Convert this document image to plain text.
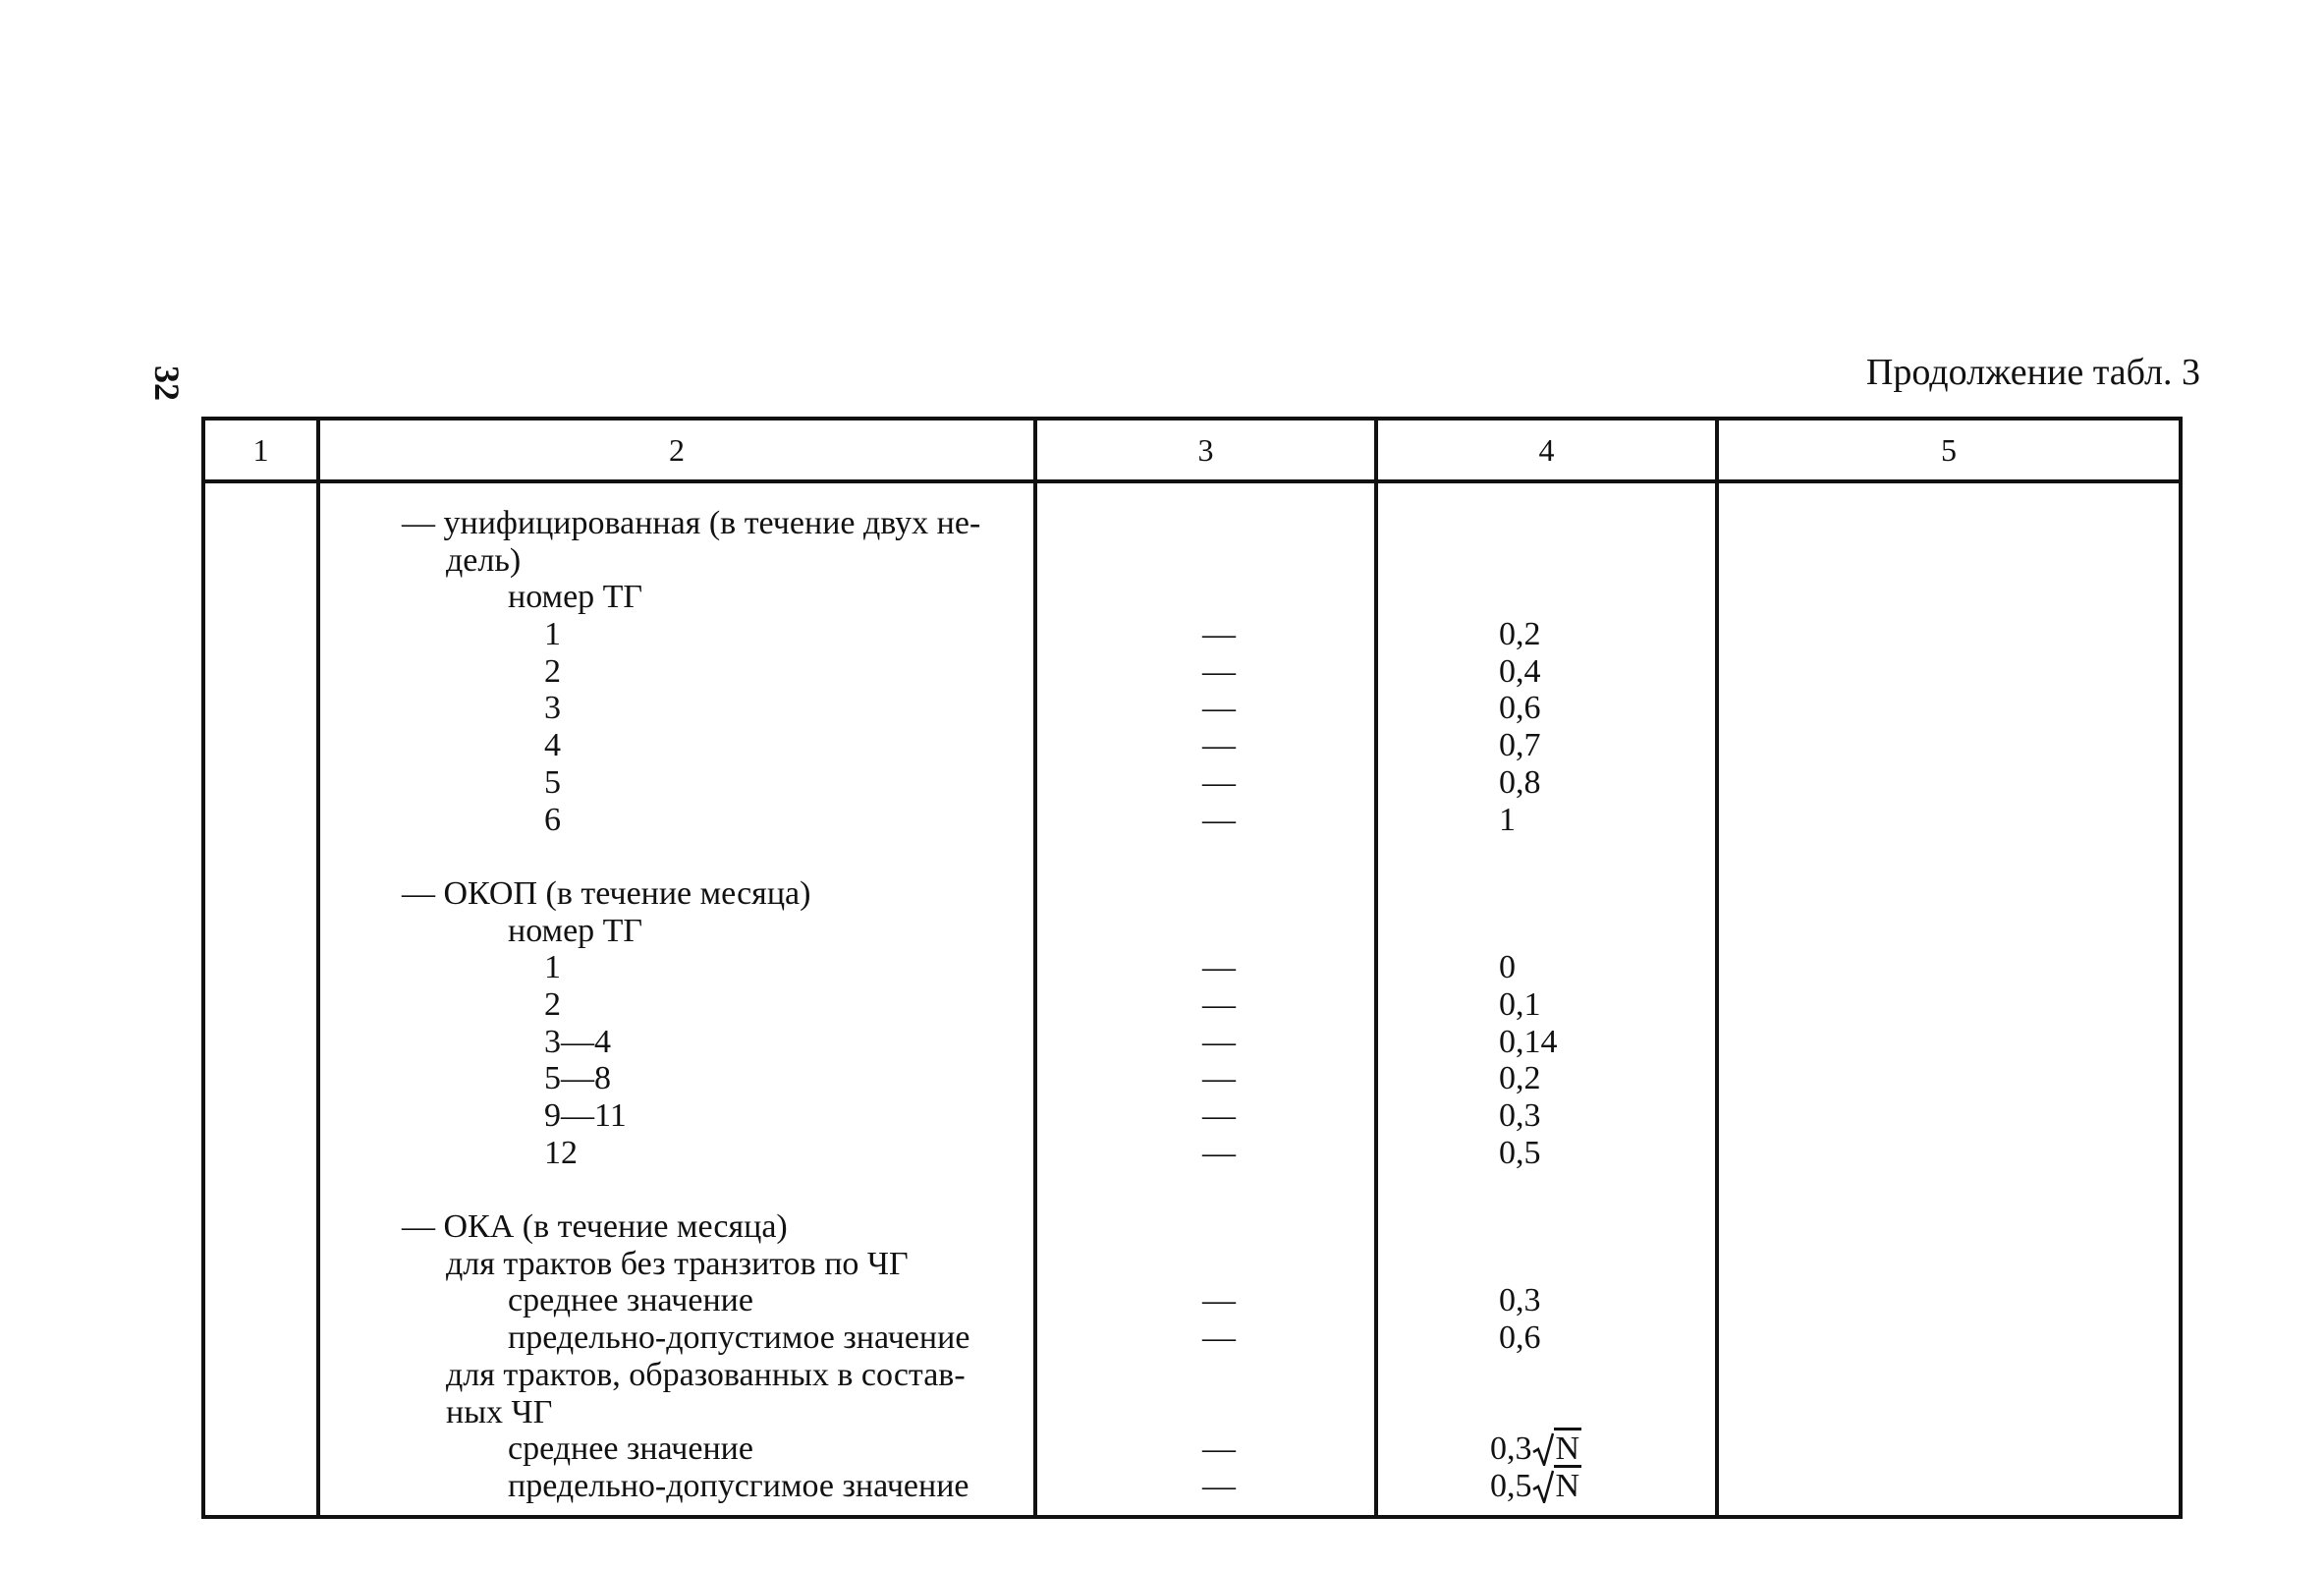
32	Продолжение табл. 3
1	2	3	4	5
— унифицированная (в течение двух не-
дель)
номер ТГ
1	—	0,2
2	—	0,4
3	—	0,6
4	—	0,7
5	—	0,8
6	—	1
— ОКОП (в течение месяца)
номер ТГ
1	—	0
2	—	0,1
3—4	—	0,14
5—8	—	0,2
9—11	—	0,3
12	—	0,5
— ОКА (в течение месяца)
для трактов без транзитов по ЧГ
среднее значение	—	0,3
предельно-допустимое значение	—	0,6
для трактов, образованных в состав-
ных ЧГ
среднее значение	—	0,3 N
предельно-допусгимое значение	—	0,5 N
